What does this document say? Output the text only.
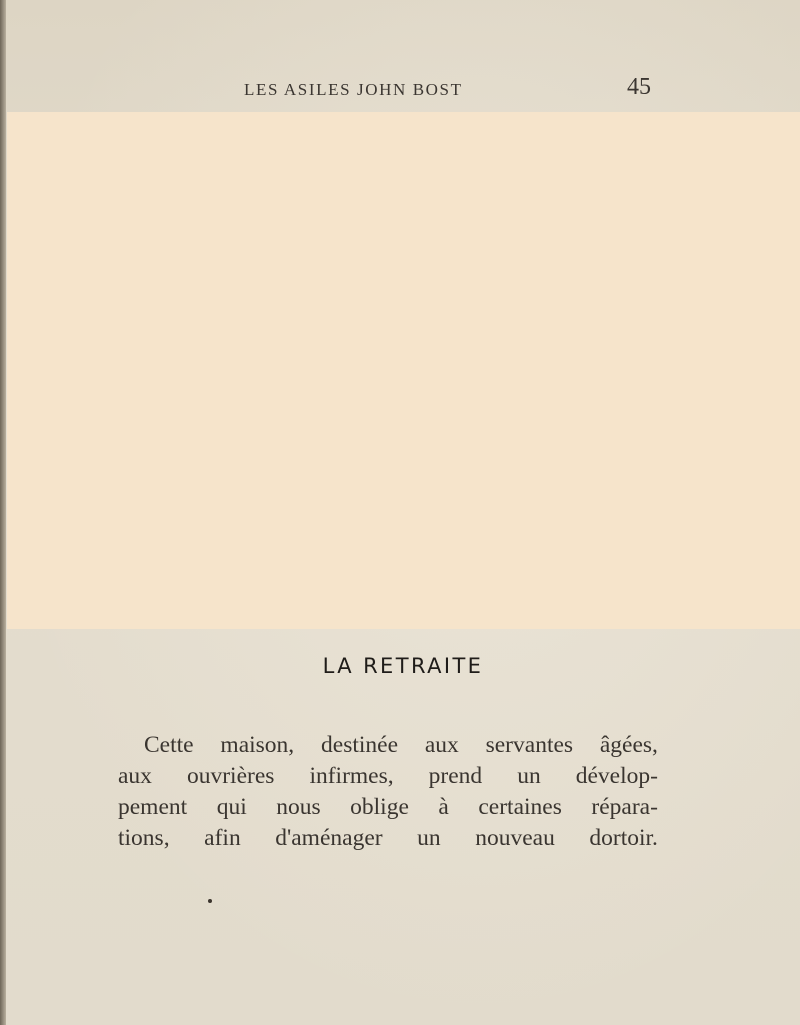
LES ASILES JOHN BOST	45
LA RETRAITE
Cette maison, destinée aux servantes âgées,
aux ouvrières infirmes, prend un dévelop-
pement qui nous oblige à certaines répara-
tions, afin d'aménager un nouveau dortoir.
